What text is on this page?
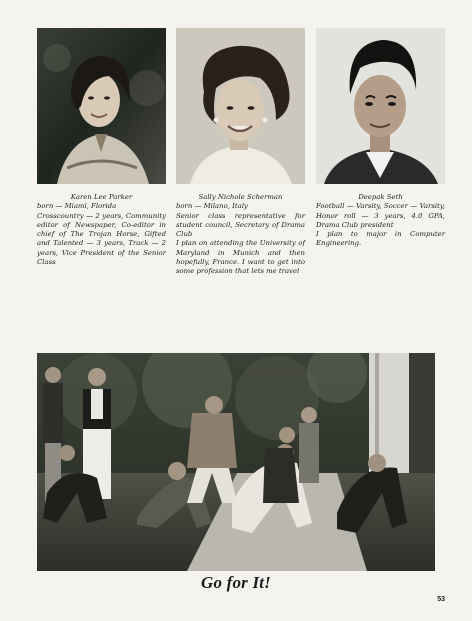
Karen Lee Parker
born — Miami, Florida
Crosscountry — 2 years, Community editor of Newspaper, Co-editor in chief of The Trojan Horse, Gifted and Talented — 3 years, Track — 2 years, Vice President of the Senior Class
Sally Nichole Scherman
born — Milano, Italy
Senior class representative for student council, Secretary of Drama Club
I plan on attending the University of Maryland in Munich and then hopefully, France. I want to get into some profession that lets me travel
Deepak Seth
Football — Varsity, Soccer — Varsity, Honor roll — 3 years, 4.0 GPA, Drama Club president
I plan to major in Computer Engineering.
Go for It!
53
